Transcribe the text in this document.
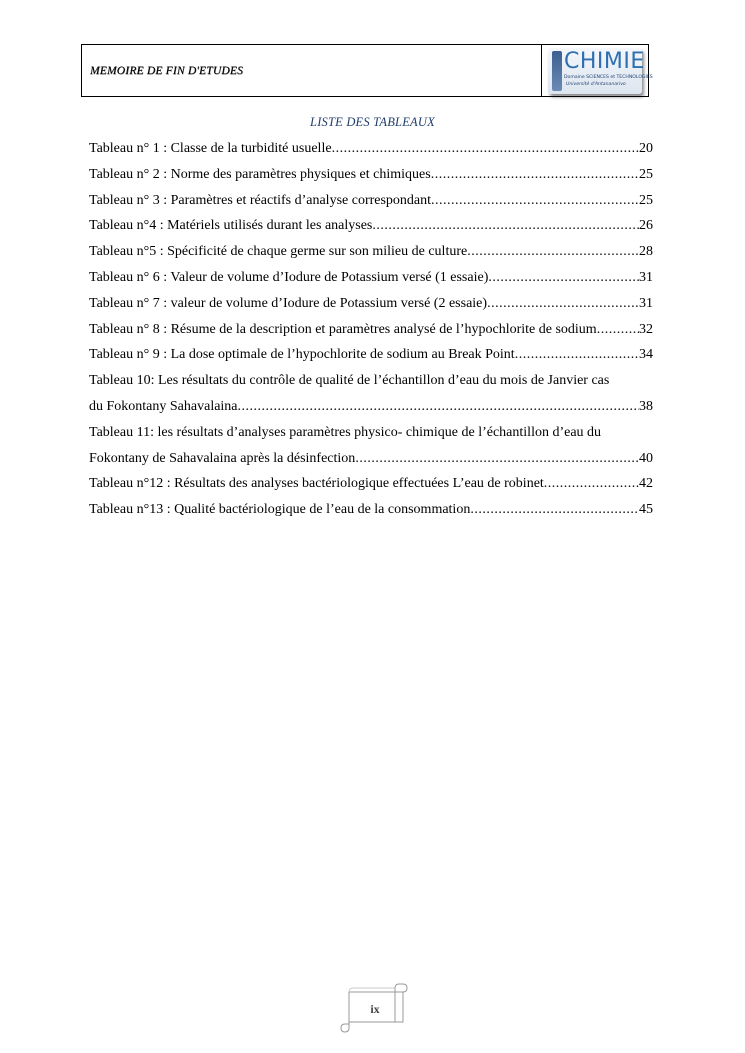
MEMOIRE DE FIN D'ETUDES	CHIMIE
Domaine SCIENCES et TECHNOLOGIES
Université d'Antananarivo
LISTE DES TABLEAUX
Tableau n° 1 : Classe de la turbidité usuelle .....	20
Tableau n° 2 : Norme des paramètres physiques et chimiques .....	25
Tableau n° 3 : Paramètres et réactifs d’analyse correspondant .....	25
Tableau n°4 : Matériels utilisés durant les analyses .....	26
Tableau n°5 : Spécificité de chaque germe sur son milieu de culture .....	28
Tableau n° 6 : Valeur de volume d’Iodure de Potassium versé (1 essaie) .....	31
Tableau n° 7 : valeur de volume d’Iodure de Potassium versé (2 essaie) .....	31
Tableau n° 8 : Résume de la description et paramètres analysé de l’hypochlorite de sodium .....	32
Tableau n° 9 : La dose optimale de l’hypochlorite de sodium au Break Point .....	34
Tableau 10: Les résultats du contrôle de qualité de l’échantillon d’eau du mois de Janvier cas
du Fokontany Sahavalaina .....	38
Tableau 11: les résultats d’analyses paramètres physico- chimique de l’échantillon d’eau du
Fokontany de Sahavalaina après la désinfection .....	40
Tableau n°12 : Résultats des analyses bactériologique effectuées L’eau de robinet .....	42
Tableau n°13 : Qualité bactériologique de l’eau de la consommation .....	45
ix
